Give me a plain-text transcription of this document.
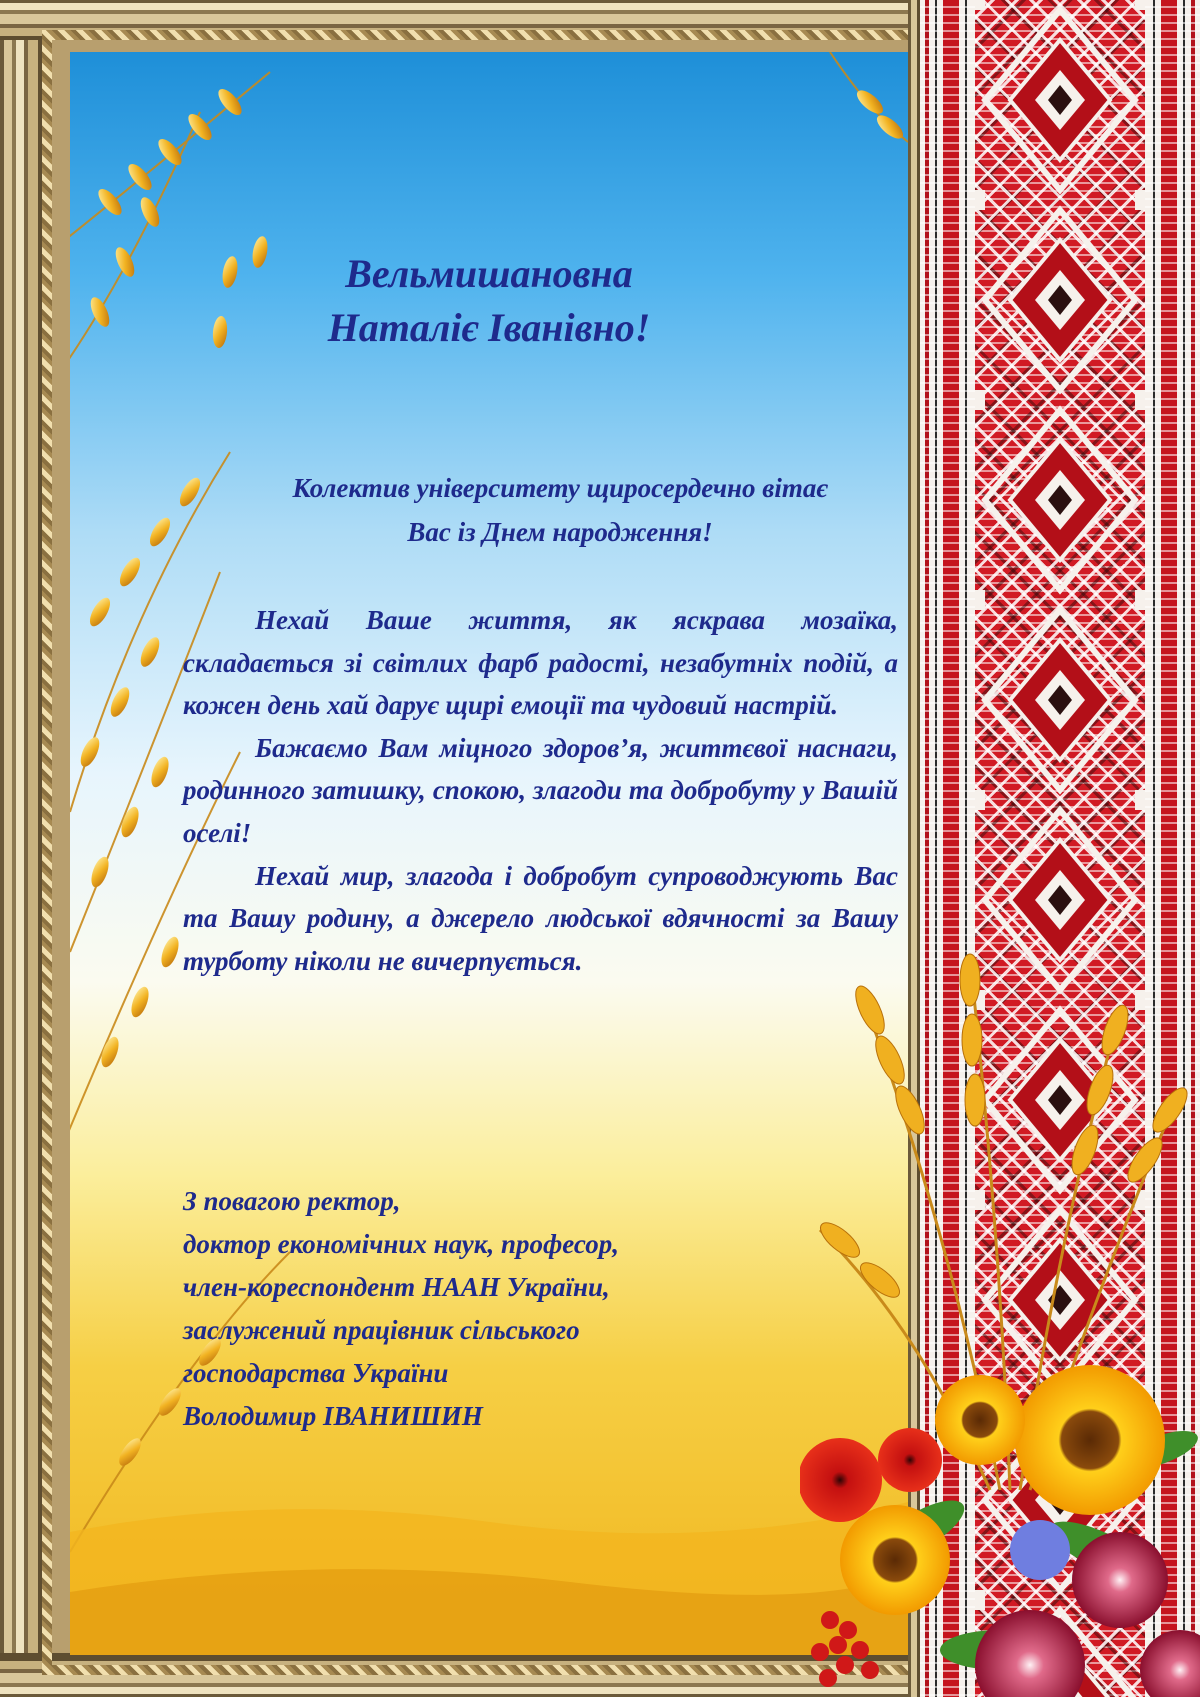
Вельмишановна
Наталіє Іванівно!
Колектив університету щиросердечно вітає
Вас із Днем народження!

Нехай Ваше життя, як яскрава мозаїка, складається зі світлих фарб радості, незабутніх подій, а кожен день хай дарує щирі емоції та чудовий настрій.

Бажаємо Вам міцного здоров’я, життєвої наснаги, родинного затишку, спокою, злагоди та добробуту у Вашій оселі!

Нехай мир, злагода і добробут супроводжують Вас та Вашу родину, а джерело людської вдячності за Вашу турботу ніколи не вичерпується.

З повагою ректор,
доктор економічних наук, професор,
член-кореспондент НААН України,
заслужений працівник сільського
господарства України
Володимир ІВАНИШИН
